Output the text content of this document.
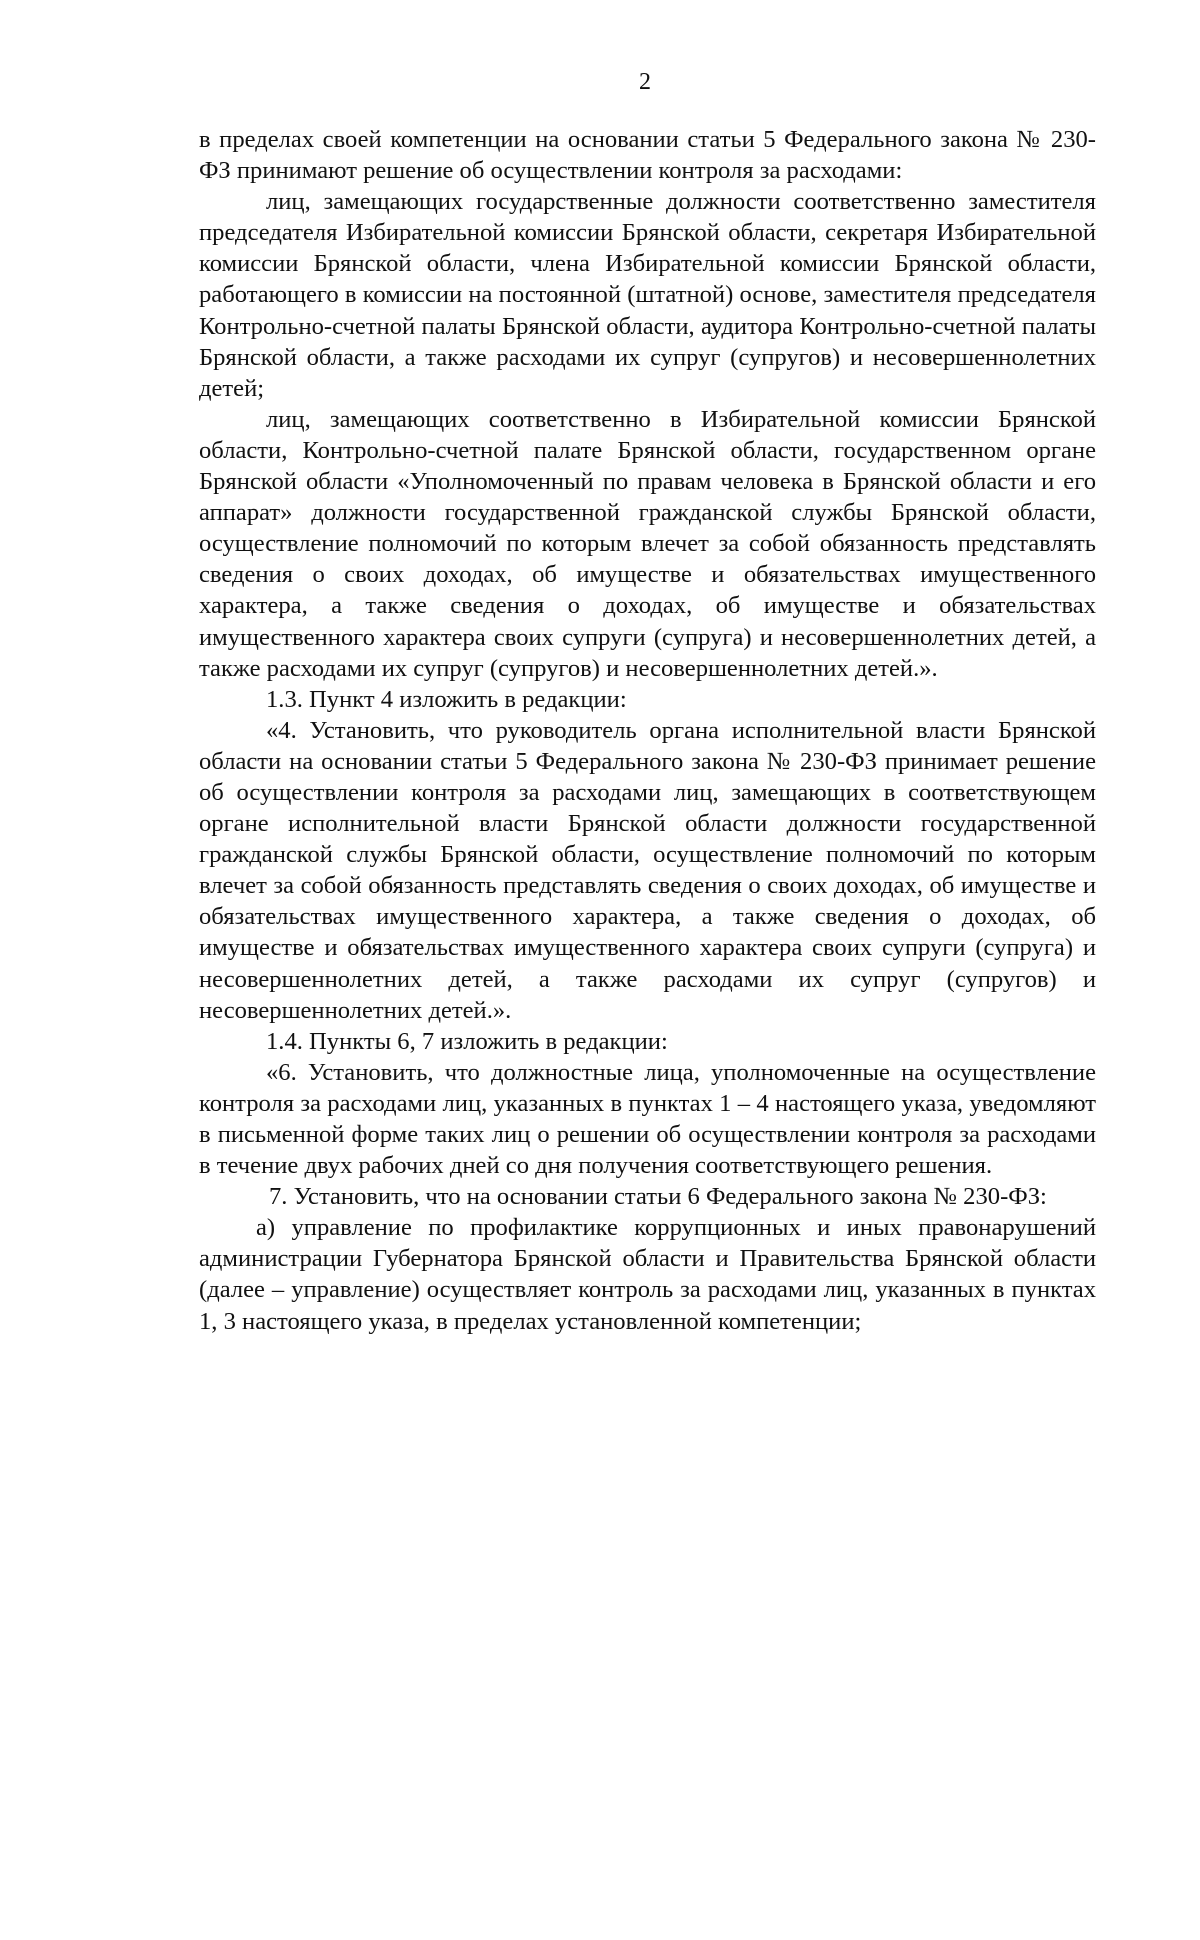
2

в пределах своей компетенции на основании статьи 5 Федерального закона № 230-ФЗ принимают решение об осуществлении контроля за расходами:

лиц, замещающих государственные должности соответственно заместителя председателя Избирательной комиссии Брянской области, секретаря Избирательной комиссии Брянской области, члена Избирательной комиссии Брянской области, работающего в комиссии на постоянной (штатной) основе, заместителя председателя Контрольно-счетной палаты Брянской области, аудитора Контрольно-счетной палаты Брянской области, а также расходами их супруг (супругов) и несовершеннолетних детей;

лиц, замещающих соответственно в Избирательной комиссии Брянской области, Контрольно-счетной палате Брянской области, государственном органе Брянской области «Уполномоченный по правам человека в Брянской области и его аппарат» должности государственной гражданской службы Брянской области, осуществление полномочий по которым влечет за собой обязанность представлять сведения о своих доходах, об имуществе и обязательствах имущественного характера, а также сведения о доходах, об имуществе и обязательствах имущественного характера своих супруги (супруга) и несовершеннолетних детей, а также расходами их супруг (супругов) и несовершеннолетних детей.».

1.3. Пункт 4 изложить в редакции:

«4. Установить, что руководитель органа исполнительной власти Брянской области на основании статьи 5 Федерального закона № 230-ФЗ принимает решение об осуществлении контроля за расходами лиц, замещающих в соответствующем органе исполнительной власти Брянской области должности государственной гражданской службы Брянской области, осуществление полномочий по которым влечет за собой обязанность представлять сведения о своих доходах, об имуществе и обязательствах имущественного характера, а также сведения о доходах, об имуществе и обязательствах имущественного характера своих супруги (супруга) и несовершеннолетних детей, а также расходами их супруг (супругов) и несовершеннолетних детей.».

1.4. Пункты 6, 7 изложить в редакции:

«6. Установить, что должностные лица, уполномоченные на осуществление контроля за расходами лиц, указанных в пунктах 1 – 4 настоящего указа, уведомляют в письменной форме таких лиц о решении об осуществлении контроля за расходами в течение двух рабочих дней со дня получения соответствующего решения.

7. Установить, что на основании статьи 6 Федерального закона № 230-ФЗ:

а) управление по профилактике коррупционных и иных правонарушений администрации Губернатора Брянской области и Правительства Брянской области (далее – управление) осуществляет контроль за расходами лиц, указанных в пунктах 1, 3 настоящего указа, в пределах установленной компетенции;
